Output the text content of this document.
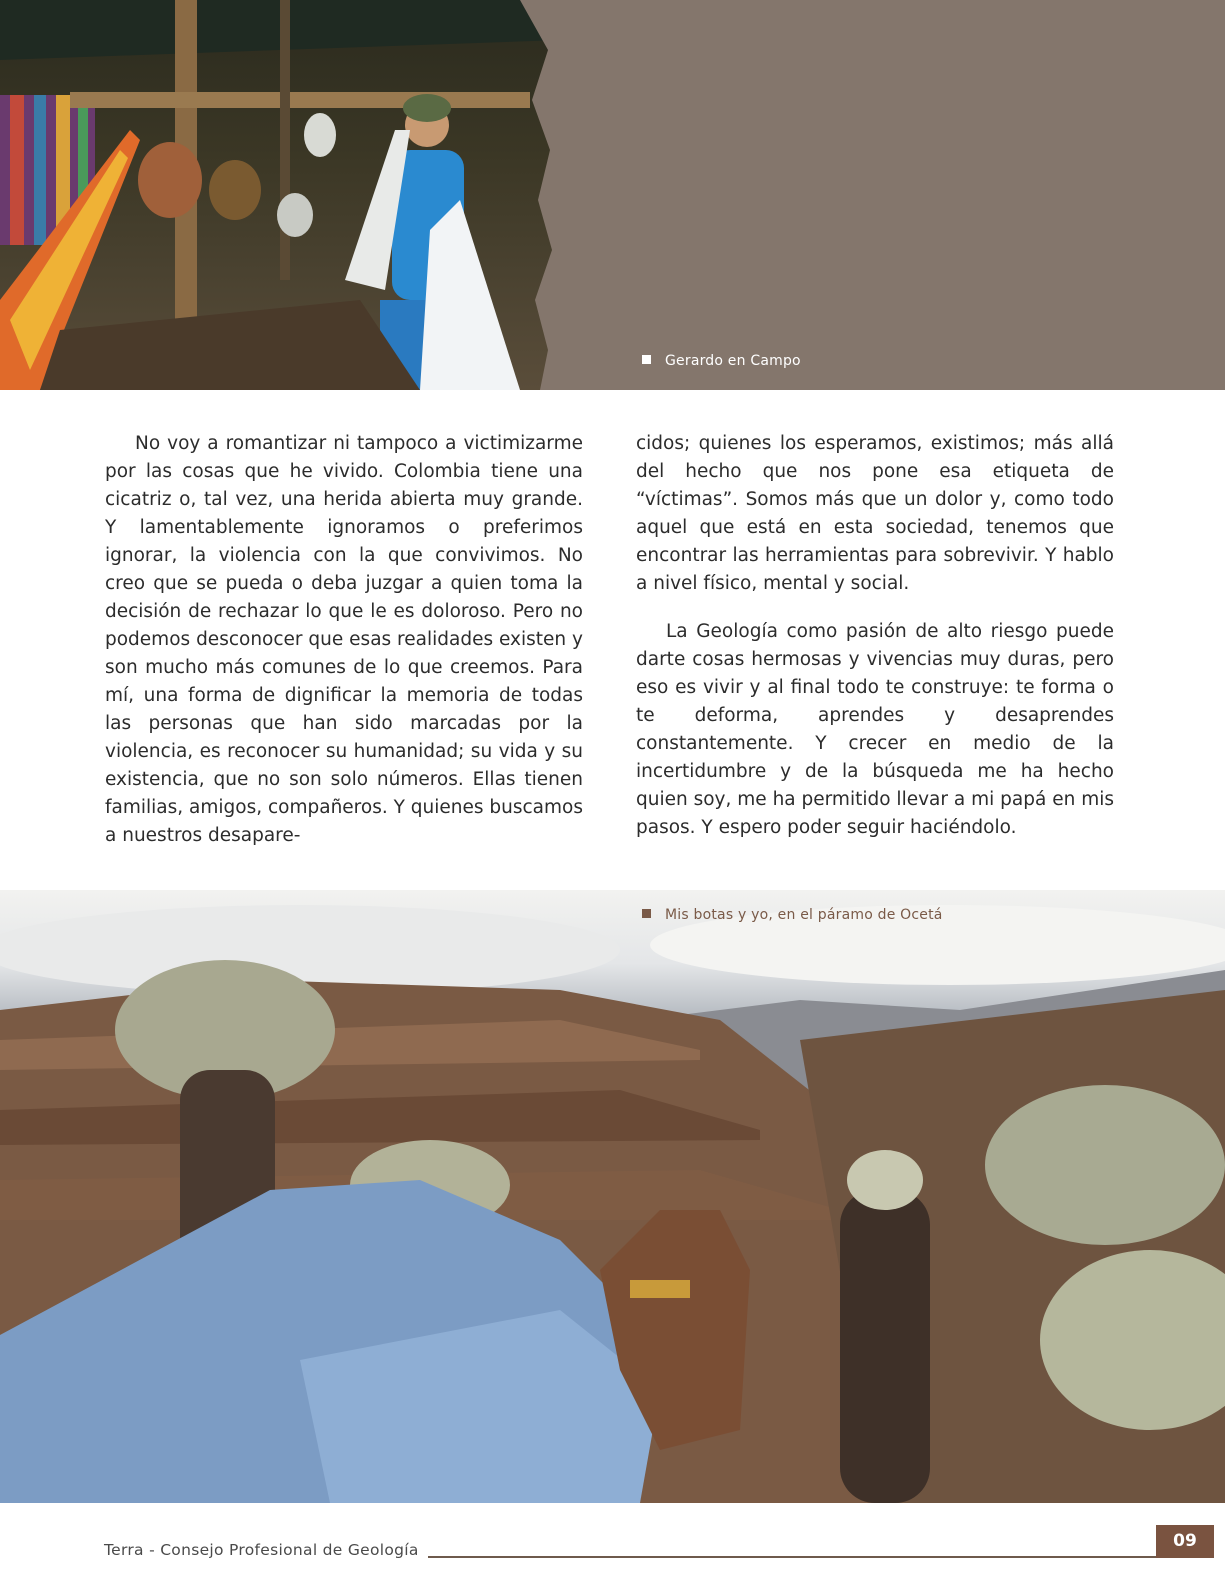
Gerardo en Campo

No voy a romantizar ni tampoco a victimizarme por las cosas que he vivido. Colombia tiene una cicatriz o, tal vez, una herida abierta muy grande. Y lamentablemente ignoramos o preferimos ignorar, la violencia con la que convivimos. No creo que se pueda o deba juzgar a quien toma la decisión de rechazar lo que le es doloroso. Pero no podemos desconocer que esas realidades existen y son mucho más comunes de lo que creemos. Para mí, una forma de dignificar la memoria de todas las personas que han sido marcadas por la violencia, es reconocer su humanidad; su vida y su existencia, que no son solo números. Ellas tienen familias, amigos, compañeros. Y quienes buscamos a nuestros desapare-

cidos; quienes los esperamos, existimos; más allá del hecho que nos pone esa etiqueta de “víctimas”. Somos más que un dolor y, como todo aquel que está en esta sociedad, tenemos que encontrar las herramientas para sobrevivir. Y hablo a nivel físico, mental y social.

La Geología como pasión de alto riesgo puede darte cosas hermosas y vivencias muy duras, pero eso es vivir y al final todo te construye: te forma o te deforma, aprendes y desaprendes constantemente. Y crecer en medio de la incertidumbre y de la búsqueda me ha hecho quien soy, me ha permitido llevar a mi papá en mis pasos. Y espero poder seguir haciéndolo.

Mis botas y yo, en el páramo de Ocetá
Terra - Consejo Profesional de Geología	09
